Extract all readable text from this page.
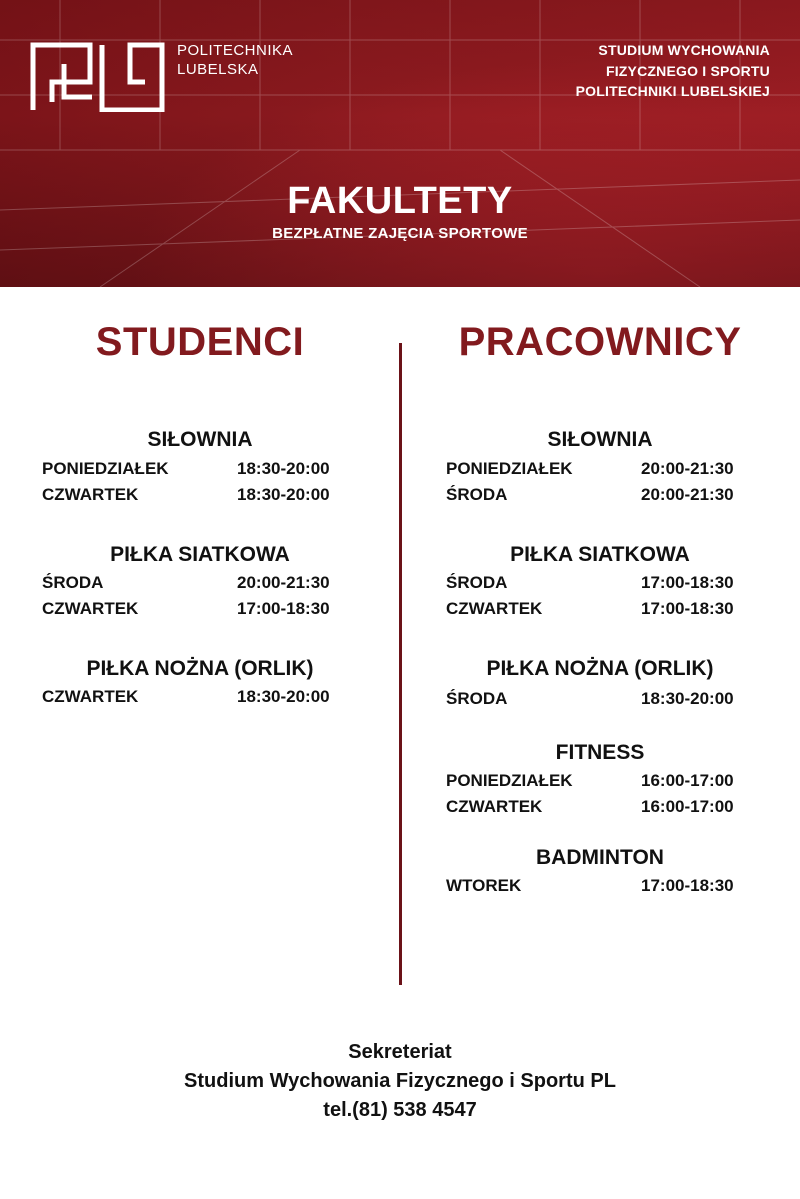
POLITECHNIKA
LUBELSKA
STUDIUM WYCHOWANIA
FIZYCZNEGO I SPORTU
POLITECHNIKI LUBELSKIEJ
FAKULTETY
BEZPŁATNE ZAJĘCIA SPORTOWE
STUDENCI
SIŁOWNIA
PONIEDZIAŁEK	18:30-20:00
CZWARTEK	18:30-20:00
PIŁKA SIATKOWA
ŚRODA	20:00-21:30
CZWARTEK	17:00-18:30
PIŁKA NOŻNA (ORLIK)
CZWARTEK	18:30-20:00
PRACOWNICY
SIŁOWNIA
PONIEDZIAŁEK	20:00-21:30
ŚRODA	20:00-21:30
PIŁKA SIATKOWA
ŚRODA	17:00-18:30
CZWARTEK	17:00-18:30
PIŁKA NOŻNA (ORLIK)
ŚRODA	18:30-20:00
FITNESS
PONIEDZIAŁEK	16:00-17:00
CZWARTEK	16:00-17:00
BADMINTON
WTOREK	17:00-18:30
Sekreteriat
Studium Wychowania Fizycznego i Sportu PL
tel.(81) 538 4547
